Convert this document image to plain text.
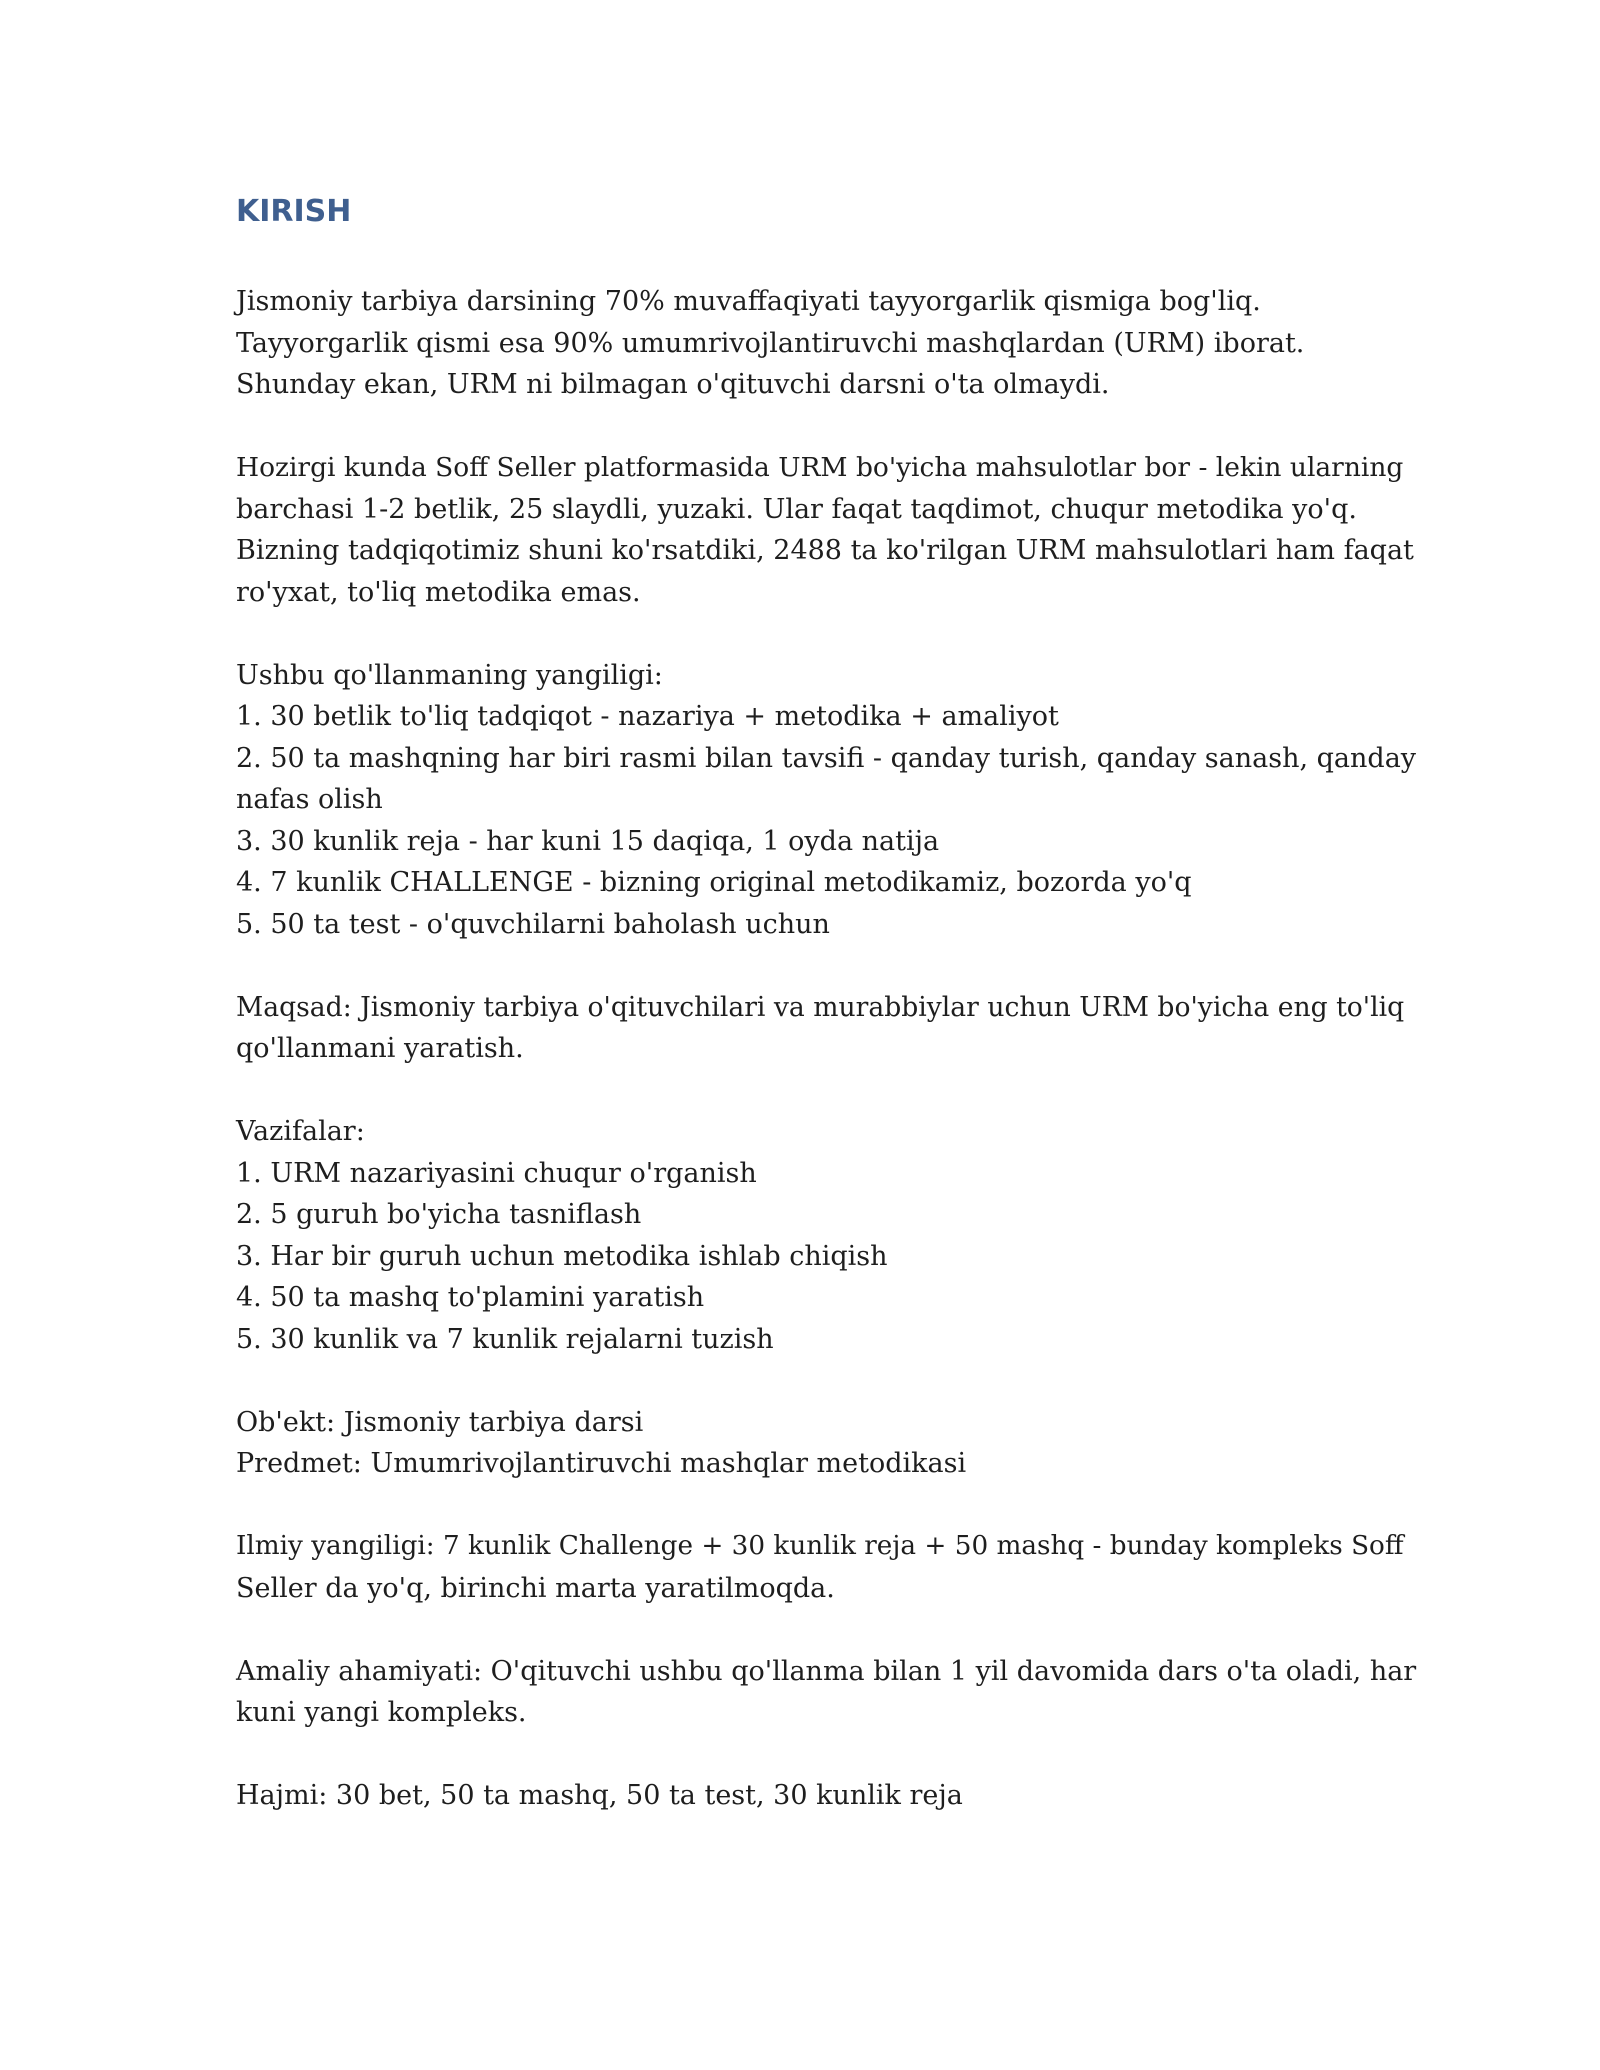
KIRISH
Jismoniy tarbiya darsining 70% muvaffaqiyati tayyorgarlik qismiga bog'liq.
Tayyorgarlik qismi esa 90% umumrivojlantiruvchi mashqlardan (URM) iborat.
Shunday ekan, URM ni bilmagan o'qituvchi darsni o'ta olmaydi.
Hozirgi kunda Soff Seller platformasida URM bo'yicha mahsulotlar bor - lekin ularning
barchasi 1-2 betlik, 25 slaydli, yuzaki. Ular faqat taqdimot, chuqur metodika yo'q.
Bizning tadqiqotimiz shuni ko'rsatdiki, 2488 ta ko'rilgan URM mahsulotlari ham faqat
ro'yxat, to'liq metodika emas.
Ushbu qo'llanmaning yangiligi:
1. 30 betlik to'liq tadqiqot - nazariya + metodika + amaliyot
2. 50 ta mashqning har biri rasmi bilan tavsifi - qanday turish, qanday sanash, qanday
nafas olish
3. 30 kunlik reja - har kuni 15 daqiqa, 1 oyda natija
4. 7 kunlik CHALLENGE - bizning original metodikamiz, bozorda yo'q
5. 50 ta test - o'quvchilarni baholash uchun
Maqsad: Jismoniy tarbiya o'qituvchilari va murabbiylar uchun URM bo'yicha eng to'liq
qo'llanmani yaratish.
Vazifalar:
1. URM nazariyasini chuqur o'rganish
2. 5 guruh bo'yicha tasniflash
3. Har bir guruh uchun metodika ishlab chiqish
4. 50 ta mashq to'plamini yaratish
5. 30 kunlik va 7 kunlik rejalarni tuzish
Ob'ekt: Jismoniy tarbiya darsi
Predmet: Umumrivojlantiruvchi mashqlar metodikasi
Ilmiy yangiligi: 7 kunlik Challenge + 30 kunlik reja + 50 mashq - bunday kompleks Soff
Seller da yo'q, birinchi marta yaratilmoqda.
Amaliy ahamiyati: O'qituvchi ushbu qo'llanma bilan 1 yil davomida dars o'ta oladi, har
kuni yangi kompleks.
Hajmi: 30 bet, 50 ta mashq, 50 ta test, 30 kunlik reja
